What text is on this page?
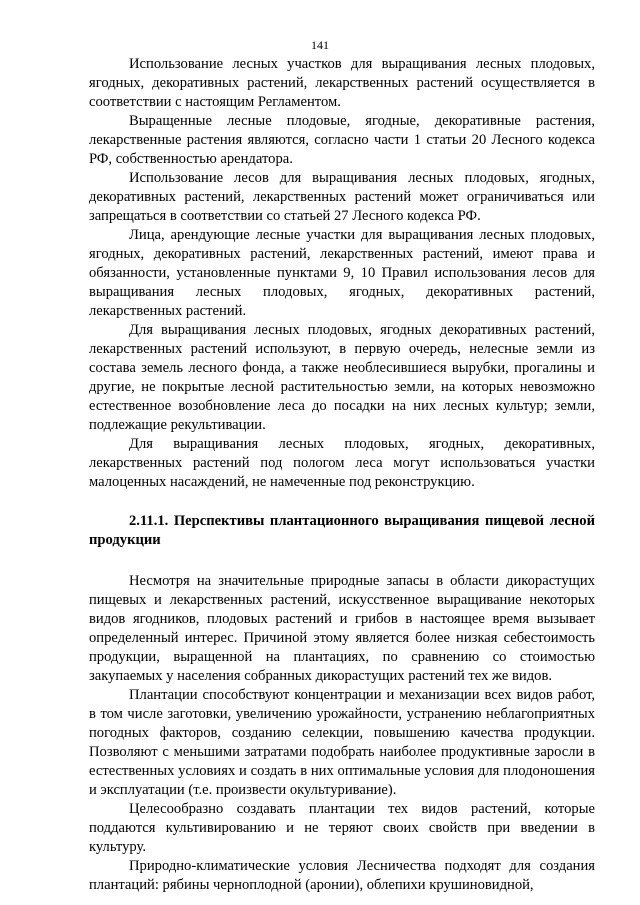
141

Использование лесных участков для выращивания лесных плодовых, ягодных, декоративных растений, лекарственных растений осуществляется в соответствии с настоящим Регламентом.

Выращенные лесные плодовые, ягодные, декоративные растения, лекарственные растения являются, согласно части 1 статьи 20 Лесного кодекса РФ, собственностью арендатора.

Использование лесов для выращивания лесных плодовых, ягодных, декоративных растений, лекарственных растений может ограничиваться или запрещаться в соответствии со статьей 27 Лесного кодекса РФ.

Лица, арендующие лесные участки для выращивания лесных плодовых, ягодных, декоративных растений, лекарственных растений, имеют права и обязанности, установленные пунктами 9, 10 Правил использования лесов для выращивания лесных плодовых, ягодных, декоративных растений, лекарственных растений.

Для выращивания лесных плодовых, ягодных декоративных растений, лекарственных растений используют, в первую очередь, нелесные земли из состава земель лесного фонда, а также необлесившиеся вырубки, прогалины и другие, не покрытые лесной растительностью земли, на которых невозможно естественное возобновление леса до посадки на них лесных культур; земли, подлежащие рекультивации.

Для выращивания лесных плодовых, ягодных, декоративных, лекарственных растений под пологом леса могут использоваться участки малоценных насаждений, не намеченные под реконструкцию.

2.11.1. Перспективы плантационного выращивания пищевой лесной продукции

Несмотря на значительные природные запасы в области дикорастущих пищевых и лекарственных растений, искусственное выращивание некоторых видов ягодников, плодовых растений и грибов в настоящее время вызывает определенный интерес. Причиной этому является более низкая себестоимость продукции, выращенной на плантациях, по сравнению со стоимостью закупаемых у населения собранных дикорастущих растений тех же видов.

Плантации способствуют концентрации и механизации всех видов работ, в том числе заготовки, увеличению урожайности, устранению неблагоприятных погодных факторов, созданию селекции, повышению качества продукции. Позволяют с меньшими затратами подобрать наиболее продуктивные заросли в естественных условиях и создать в них оптимальные условия для плодоношения и эксплуатации (т.е. произвести окультуривание).

Целесообразно создавать плантации тех видов растений, которые поддаются культивированию и не теряют своих свойств при введении в культуру.

Природно-климатические условия Лесничества подходят для создания плантаций: рябины черноплодной (аронии), облепихи крушиновидной,
